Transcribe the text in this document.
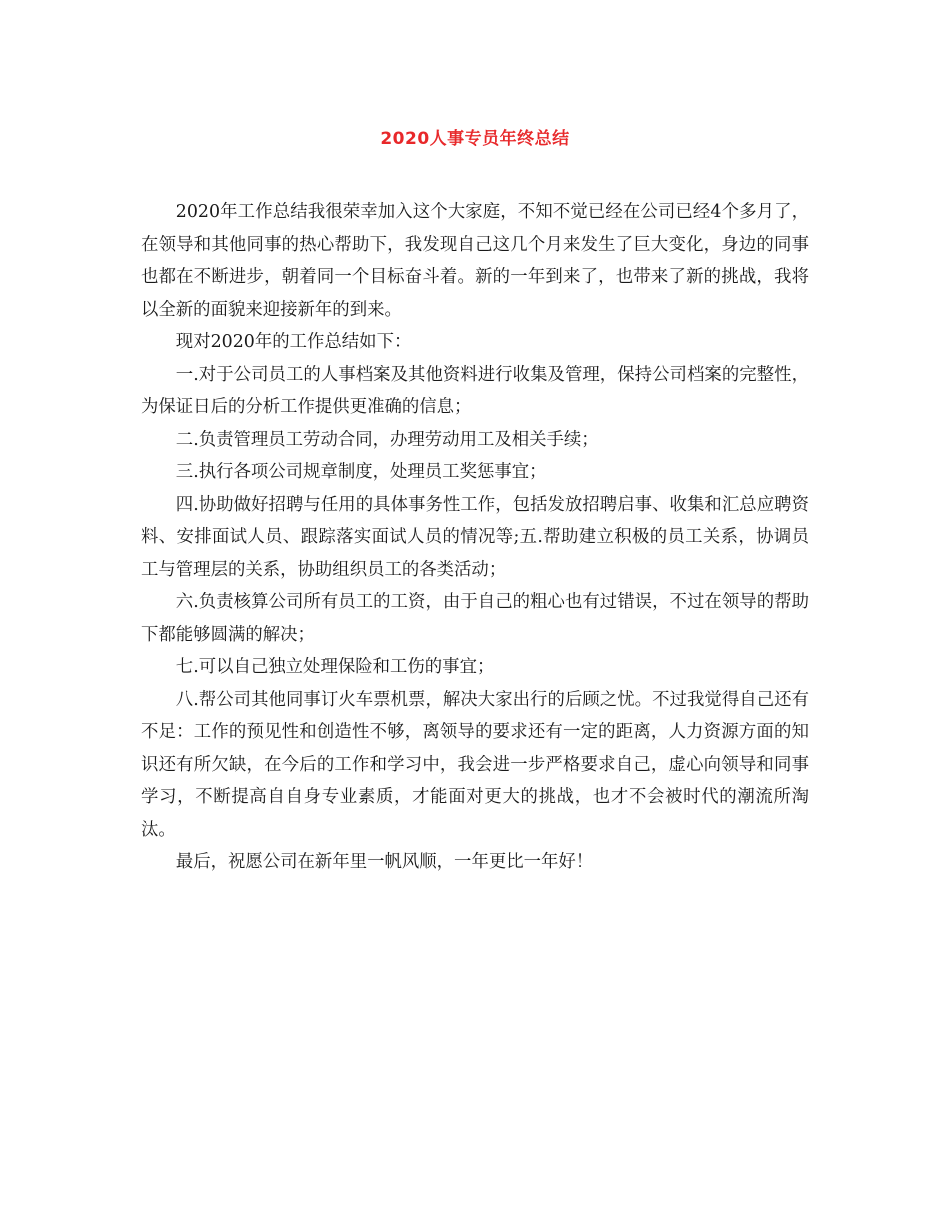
2020人事专员年终总结

2020年工作总结我很荣幸加入这个大家庭，不知不觉已经在公司已经4个多月了，在领导和其他同事的热心帮助下，我发现自己这几个月来发生了巨大变化，身边的同事也都在不断进步，朝着同一个目标奋斗着。新的一年到来了，也带来了新的挑战，我将以全新的面貌来迎接新年的到来。

现对2020年的工作总结如下：

一.对于公司员工的人事档案及其他资料进行收集及管理，保持公司档案的完整性，为保证日后的分析工作提供更准确的信息；

二.负责管理员工劳动合同，办理劳动用工及相关手续；

三.执行各项公司规章制度，处理员工奖惩事宜；

四.协助做好招聘与任用的具体事务性工作，包括发放招聘启事、收集和汇总应聘资料、安排面试人员、跟踪落实面试人员的情况等;五.帮助建立积极的员工关系，协调员工与管理层的关系，协助组织员工的各类活动；

六.负责核算公司所有员工的工资，由于自己的粗心也有过错误，不过在领导的帮助下都能够圆满的解决；

七.可以自己独立处理保险和工伤的事宜；

八.帮公司其他同事订火车票机票，解决大家出行的后顾之忧。不过我觉得自己还有不足：工作的预见性和创造性不够，离领导的要求还有一定的距离，人力资源方面的知识还有所欠缺，在今后的工作和学习中，我会进一步严格要求自己，虚心向领导和同事学习，不断提高自自身专业素质，才能面对更大的挑战，也才不会被时代的潮流所淘汰。

最后，祝愿公司在新年里一帆风顺，一年更比一年好！
